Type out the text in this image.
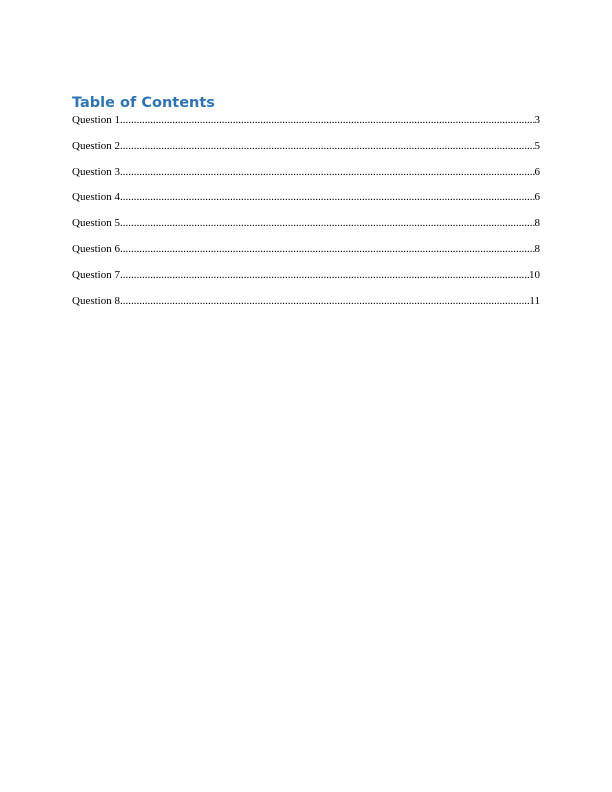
Table of Contents
Question 1 .....	3
Question 2 .....	5
Question 3 .....	6
Question 4 .....	6
Question 5 .....	8
Question 6 .....	8
Question 7 .....	10
Question 8 .....	11
